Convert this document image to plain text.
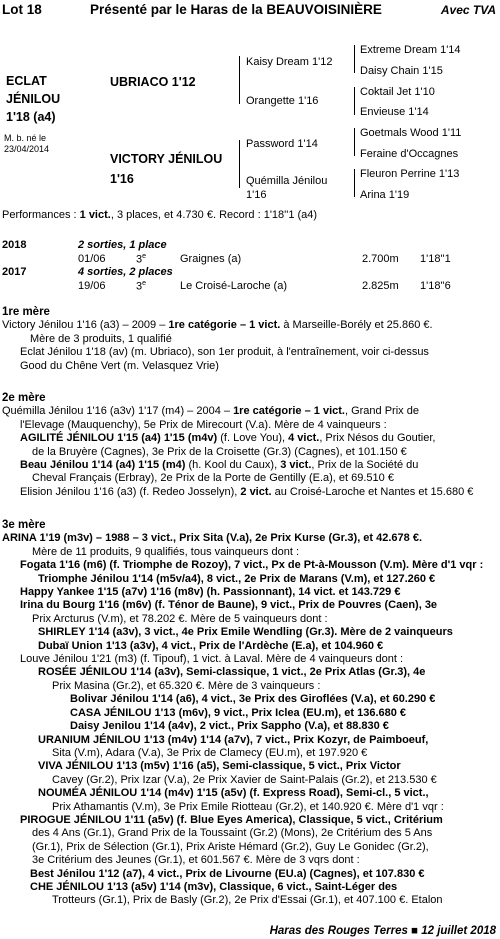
Lot 18	Présenté par le Haras de la BEAUVOISINIÈRE	Avec TVA
ECLAT
JÉNILOU
1'18 (a4)
M. b. né le
23/04/2014
UBRIACO 1'12
VICTORY JÉNILOU
1'16
Kaisy Dream 1'12
Orangette 1'16
Password 1'14
Quémilla Jénilou
1'16
Extreme Dream 1'14
Daisy Chain 1'15
Coktail Jet 1'10
Envieuse 1'14
Goetmals Wood 1'11
Feraine d'Occagnes
Fleuron Perrine 1'13
Arina 1'19
Performances : 1 vict., 3 places, et 4.730 €. Record : 1'18''1 (a4)
2018	2 sorties, 1 place
01/06	3e	Graignes (a)	2.700m 1'18''1
2017	4 sorties, 2 places
19/06	3e	Le Croisé-Laroche (a)	2.825m 1'18''6
1re mère
Victory Jénilou 1'16 (a3) – 2009 – 1re catégorie – 1 vict. à Marseille-Borély et 25.860 €.
Mère de 3 produits, 1 qualifié
Eclat Jénilou 1'18 (av) (m. Ubriaco), son 1er produit, à l'entraînement, voir ci-dessus
Good du Chêne Vert (m. Velasquez Vrie)
2e mère
Quémilla Jénilou 1'16 (a3v) 1'17 (m4) – 2004 – 1re catégorie – 1 vict., Grand Prix de
l'Elevage (Mauquenchy), 5e Prix de Mirecourt (V.a). Mère de 4 vainqueurs :
AGILITÉ JÉNILOU 1'15 (a4) 1'15 (m4v) (f. Love You), 4 vict., Prix Nésos du Goutier,
de la Bruyère (Cagnes), 3e Prix de la Croisette (Gr.3) (Cagnes), et 101.150 €
Beau Jénilou 1'14 (a4) 1'15 (m4) (h. Kool du Caux), 3 vict., Prix de la Société du
Cheval Français (Erbray), 2e Prix de la Porte de Gentilly (E.a), et 69.510 €
Elision Jénilou 1'16 (a3) (f. Redeo Josselyn), 2 vict. au Croisé-Laroche et Nantes et 15.680 €
3e mère
ARINA 1'19 (m3v) – 1988 – 3 vict., Prix Sita (V.a), 2e Prix Kurse (Gr.3), et 42.678 €.
Mère de 11 produits, 9 qualifiés, tous vainqueurs dont :
Fogata 1'16 (m6) (f. Triomphe de Rozoy), 7 vict., Px de Pt-à-Mousson (V.m). Mère d'1 vqr :
Triomphe Jénilou 1'14 (m5v/a4), 8 vict., 2e Prix de Marans (V.m), et 127.260 €
Happy Yankee 1'15 (a7v) 1'16 (m8v) (h. Passionnant), 14 vict. et 143.729 €
Irina du Bourg 1'16 (m6v) (f. Ténor de Baune), 9 vict., Prix de Pouvres (Caen), 3e
Prix Arcturus (V.m), et 78.202 €. Mère de 5 vainqueurs dont :
SHIRLEY 1'14 (a3v), 3 vict., 4e Prix Emile Wendling (Gr.3). Mère de 2 vainqueurs
Dubaï Union 1'13 (a3v), 4 vict., Prix de l'Ardèche (E.a), et 104.960 €
Louve Jénilou 1'21 (m3) (f. Tipouf), 1 vict. à Laval. Mère de 4 vainqueurs dont :
ROSÉE JÉNILOU 1'14 (a3v), Semi-classique, 1 vict., 2e Prix Atlas (Gr.3), 4e
Prix Masina (Gr.2), et 65.320 €. Mère de 3 vainqueurs :
Bolivar Jénilou 1'14 (a6), 4 vict., 3e Prix des Giroflées (V.a), et 60.290 €
CASA JÉNILOU 1'13 (m6v), 9 vict., Prix Iclea (EU.m), et 136.680 €
Daisy Jenilou 1'14 (a4v), 2 vict., Prix Sappho (V.a), et 88.830 €
URANIUM JÉNILOU 1'13 (m4v) 1'14 (a7v), 7 vict., Prix Kozyr, de Paimboeuf,
Sita (V.m), Adara (V.a), 3e Prix de Clamecy (EU.m), et 197.920 €
VIVA JÉNILOU 1'13 (m5v) 1'16 (a5), Semi-classique, 5 vict., Prix Victor
Cavey (Gr.2), Prix Izar (V.a), 2e Prix Xavier de Saint-Palais (Gr.2), et 213.530 €
NOUMÉA JÉNILOU 1'14 (m4v) 1'15 (a5v) (f. Express Road), Semi-cl., 5 vict.,
Prix Athamantis (V.m), 3e Prix Emile Riotteau (Gr.2), et 140.920 €. Mère d'1 vqr :
PIROGUE JÉNILOU 1'11 (a5v) (f. Blue Eyes America), Classique, 5 vict., Critérium
des 4 Ans (Gr.1), Grand Prix de la Toussaint (Gr.2) (Mons), 2e Critérium des 5 Ans
(Gr.1), Prix de Sélection (Gr.1), Prix Ariste Hémard (Gr.2), Guy Le Gonidec (Gr.2),
3e Critérium des Jeunes (Gr.1), et 601.567 €. Mère de 3 vqrs dont :
Best Jénilou 1'12 (a7), 4 vict., Prix de Livourne (EU.a) (Cagnes), et 107.830 €
CHE JÉNILOU 1'13 (a5v) 1'14 (m3v), Classique, 6 vict., Saint-Léger des
Trotteurs (Gr.1), Prix de Basly (Gr.2), 2e Prix d'Essai (Gr.1), et 407.100 €. Etalon
Haras des Rouges Terres ■ 12 juillet 2018
